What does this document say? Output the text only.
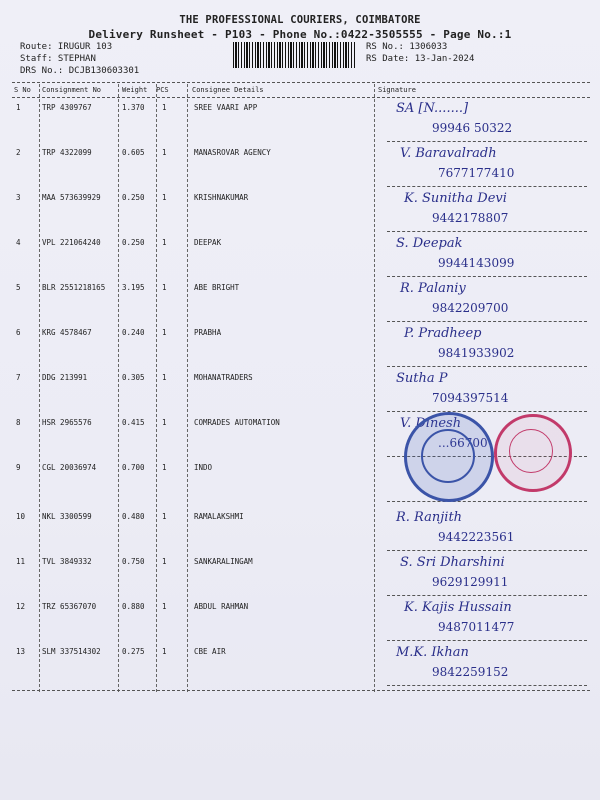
THE PROFESSIONAL COURIERS, COIMBATORE
Delivery Runsheet - P103 - Phone No.:0422-3505555 - Page No.:1
Route: IRUGUR 103
Staff: STEPHAN
DRS No.: DCJB130603301
RS No.: 1306033
RS Date: 13-Jan-2024
S No Consignment No	Weight PCS	Consignee Details	Signature
1	TRP 4309767	1.370 1	SREE VAARI APP	SA [N.......]
99946 50322
2	TRP 4322099	0.605 1	MANASROVAR AGENCY	V. Baravalradh
7677177410
3	MAA 573639929	0.250 1	KRISHNAKUMAR	K. Sunitha Devi
9442178807
4	VPL 221064240	0.250 1	DEEPAK	S. Deepak
9944143099
5	BLR 2551218165 3.195 1	ABE BRIGHT	R. Palaniy
9842209700
6	KRG 4578467	0.240 1	PRABHA	P. Pradheep
9841933902
7	DDG 213991	0.305 1	MOHANATRADERS	Sutha P
7094397514
8	HSR 2965576	0.415 1	COMRADES AUTOMATION	V. Dinesh
...66700
9	CGL 20036974	0.700 1	INDO
10 NKL 3300599	0.480 1	RAMALAKSHMI	R. Ranjith
9442223561
11 TVL 3849332	0.750 1	SANKARALINGAM	S. Sri Dharshini
9629129911
12 TRZ 65367070	0.880 1	ABDUL RAHMAN	K. Kajis Hussain
9487011477
13 SLM 337514302	0.275 1	CBE AIR	M.K. Ikhan
9842259152
